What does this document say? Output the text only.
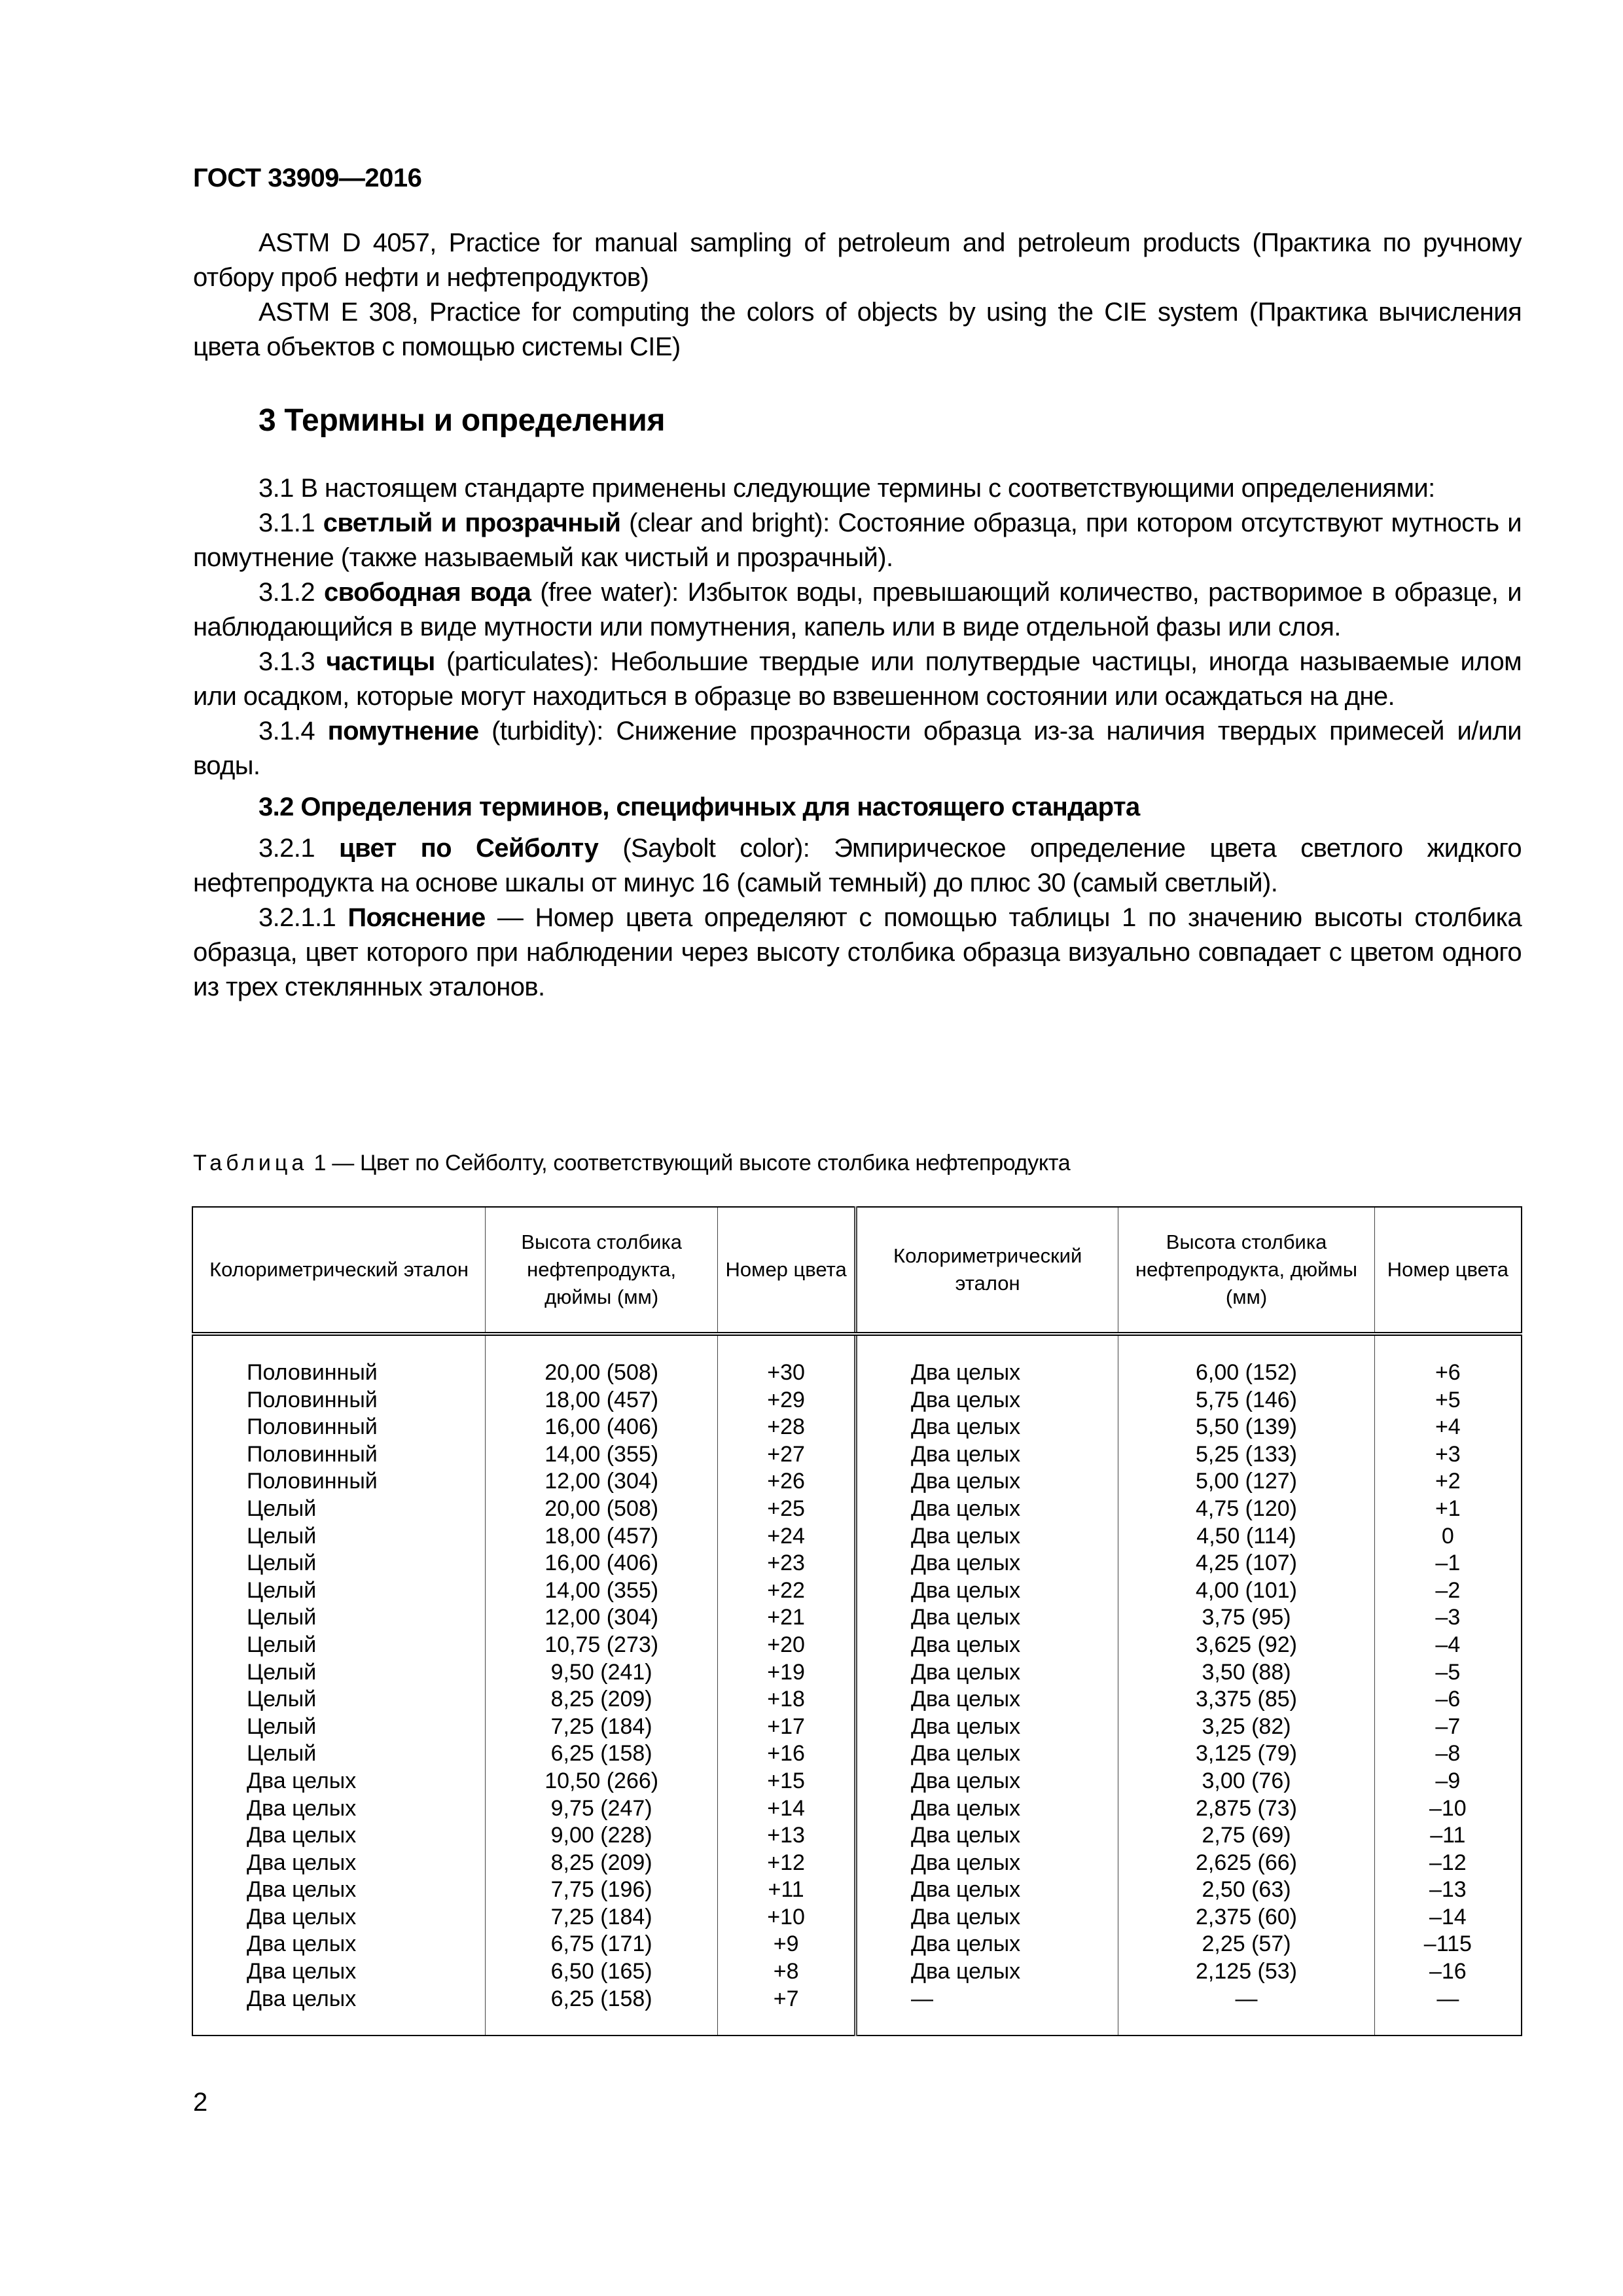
ГОСТ 33909—2016

ASTM D 4057, Practice for manual sampling of petroleum and petroleum products (Практика по ручному отбору проб нефти и нефтепродуктов)

ASTM E 308, Practice for computing the colors of objects by using the CIE system (Практика вычисления цвета объектов с помощью системы CIE)

3 Термины и определения

3.1 В настоящем стандарте применены следующие термины с соответствующими определениями:

3.1.1 светлый и прозрачный (clear and bright): Состояние образца, при котором отсутствуют мутность и помутнение (также называемый как чистый и прозрачный).

3.1.2 свободная вода (free water): Избыток воды, превышающий количество, растворимое в образце, и наблюдающийся в виде мутности или помутнения, капель или в виде отдельной фазы или слоя.

3.1.3 частицы (particulates): Небольшие твердые или полутвердые частицы, иногда называемые илом или осадком, которые могут находиться в образце во взвешенном состоянии или осаждаться на дне.

3.1.4 помутнение (turbidity): Снижение прозрачности образца из-за наличия твердых примесей и/или воды.

3.2 Определения терминов, специфичных для настоящего стандарта

3.2.1 цвет по Сейболту (Saybolt color): Эмпирическое определение цвета светлого жидкого нефтепродукта на основе шкалы от минус 16 (самый темный) до плюс 30 (самый светлый).

3.2.1.1 Пояснение — Номер цвета определяют с помощью таблицы 1 по значению высоты столбика образца, цвет которого при наблюдении через высоту столбика образца визуально совпадает с цветом одного из трех стеклянных эталонов.

Таблица 1 — Цвет по Сейболту, соответствующий высоте столбика нефтепродукта
Колориметрический эталон	Высота столбика нефтепродукта, дюймы (мм)	Номер цвета	Колориметрический эталон	Высота столбика нефтепродукта, дюймы (мм)	Номер цвета

Половинный	20,00 (508)	+30	Два целых	6,00 (152)	+6
Половинный	18,00 (457)	+29	Два целых	5,75 (146)	+5
Половинный	16,00 (406)	+28	Два целых	5,50 (139)	+4
Половинный	14,00 (355)	+27	Два целых	5,25 (133)	+3
Половинный	12,00 (304)	+26	Два целых	5,00 (127)	+2
Целый	20,00 (508)	+25	Два целых	4,75 (120)	+1
Целый	18,00 (457)	+24	Два целых	4,50 (114)	0
Целый	16,00 (406)	+23	Два целых	4,25 (107)	–1
Целый	14,00 (355)	+22	Два целых	4,00 (101)	–2
Целый	12,00 (304)	+21	Два целых	3,75 (95)	–3
Целый	10,75 (273)	+20	Два целых	3,625 (92)	–4
Целый	9,50 (241)	+19	Два целых	3,50 (88)	–5
Целый	8,25 (209)	+18	Два целых	3,375 (85)	–6
Целый	7,25 (184)	+17	Два целых	3,25 (82)	–7
Целый	6,25 (158)	+16	Два целых	3,125 (79)	–8
Два целых	10,50 (266)	+15	Два целых	3,00 (76)	–9
Два целых	9,75 (247)	+14	Два целых	2,875 (73)	–10
Два целых	9,00 (228)	+13	Два целых	2,75 (69)	–11
Два целых	8,25 (209)	+12	Два целых	2,625 (66)	–12
Два целых	7,75 (196)	+11	Два целых	2,50 (63)	–13
Два целых	7,25 (184)	+10	Два целых	2,375 (60)	–14
Два целых	6,75 (171)	+9	Два целых	2,25 (57)	–115
Два целых	6,50 (165)	+8	Два целых	2,125 (53)	–16
Два целых	6,25 (158)	+7	—	—	—

2
